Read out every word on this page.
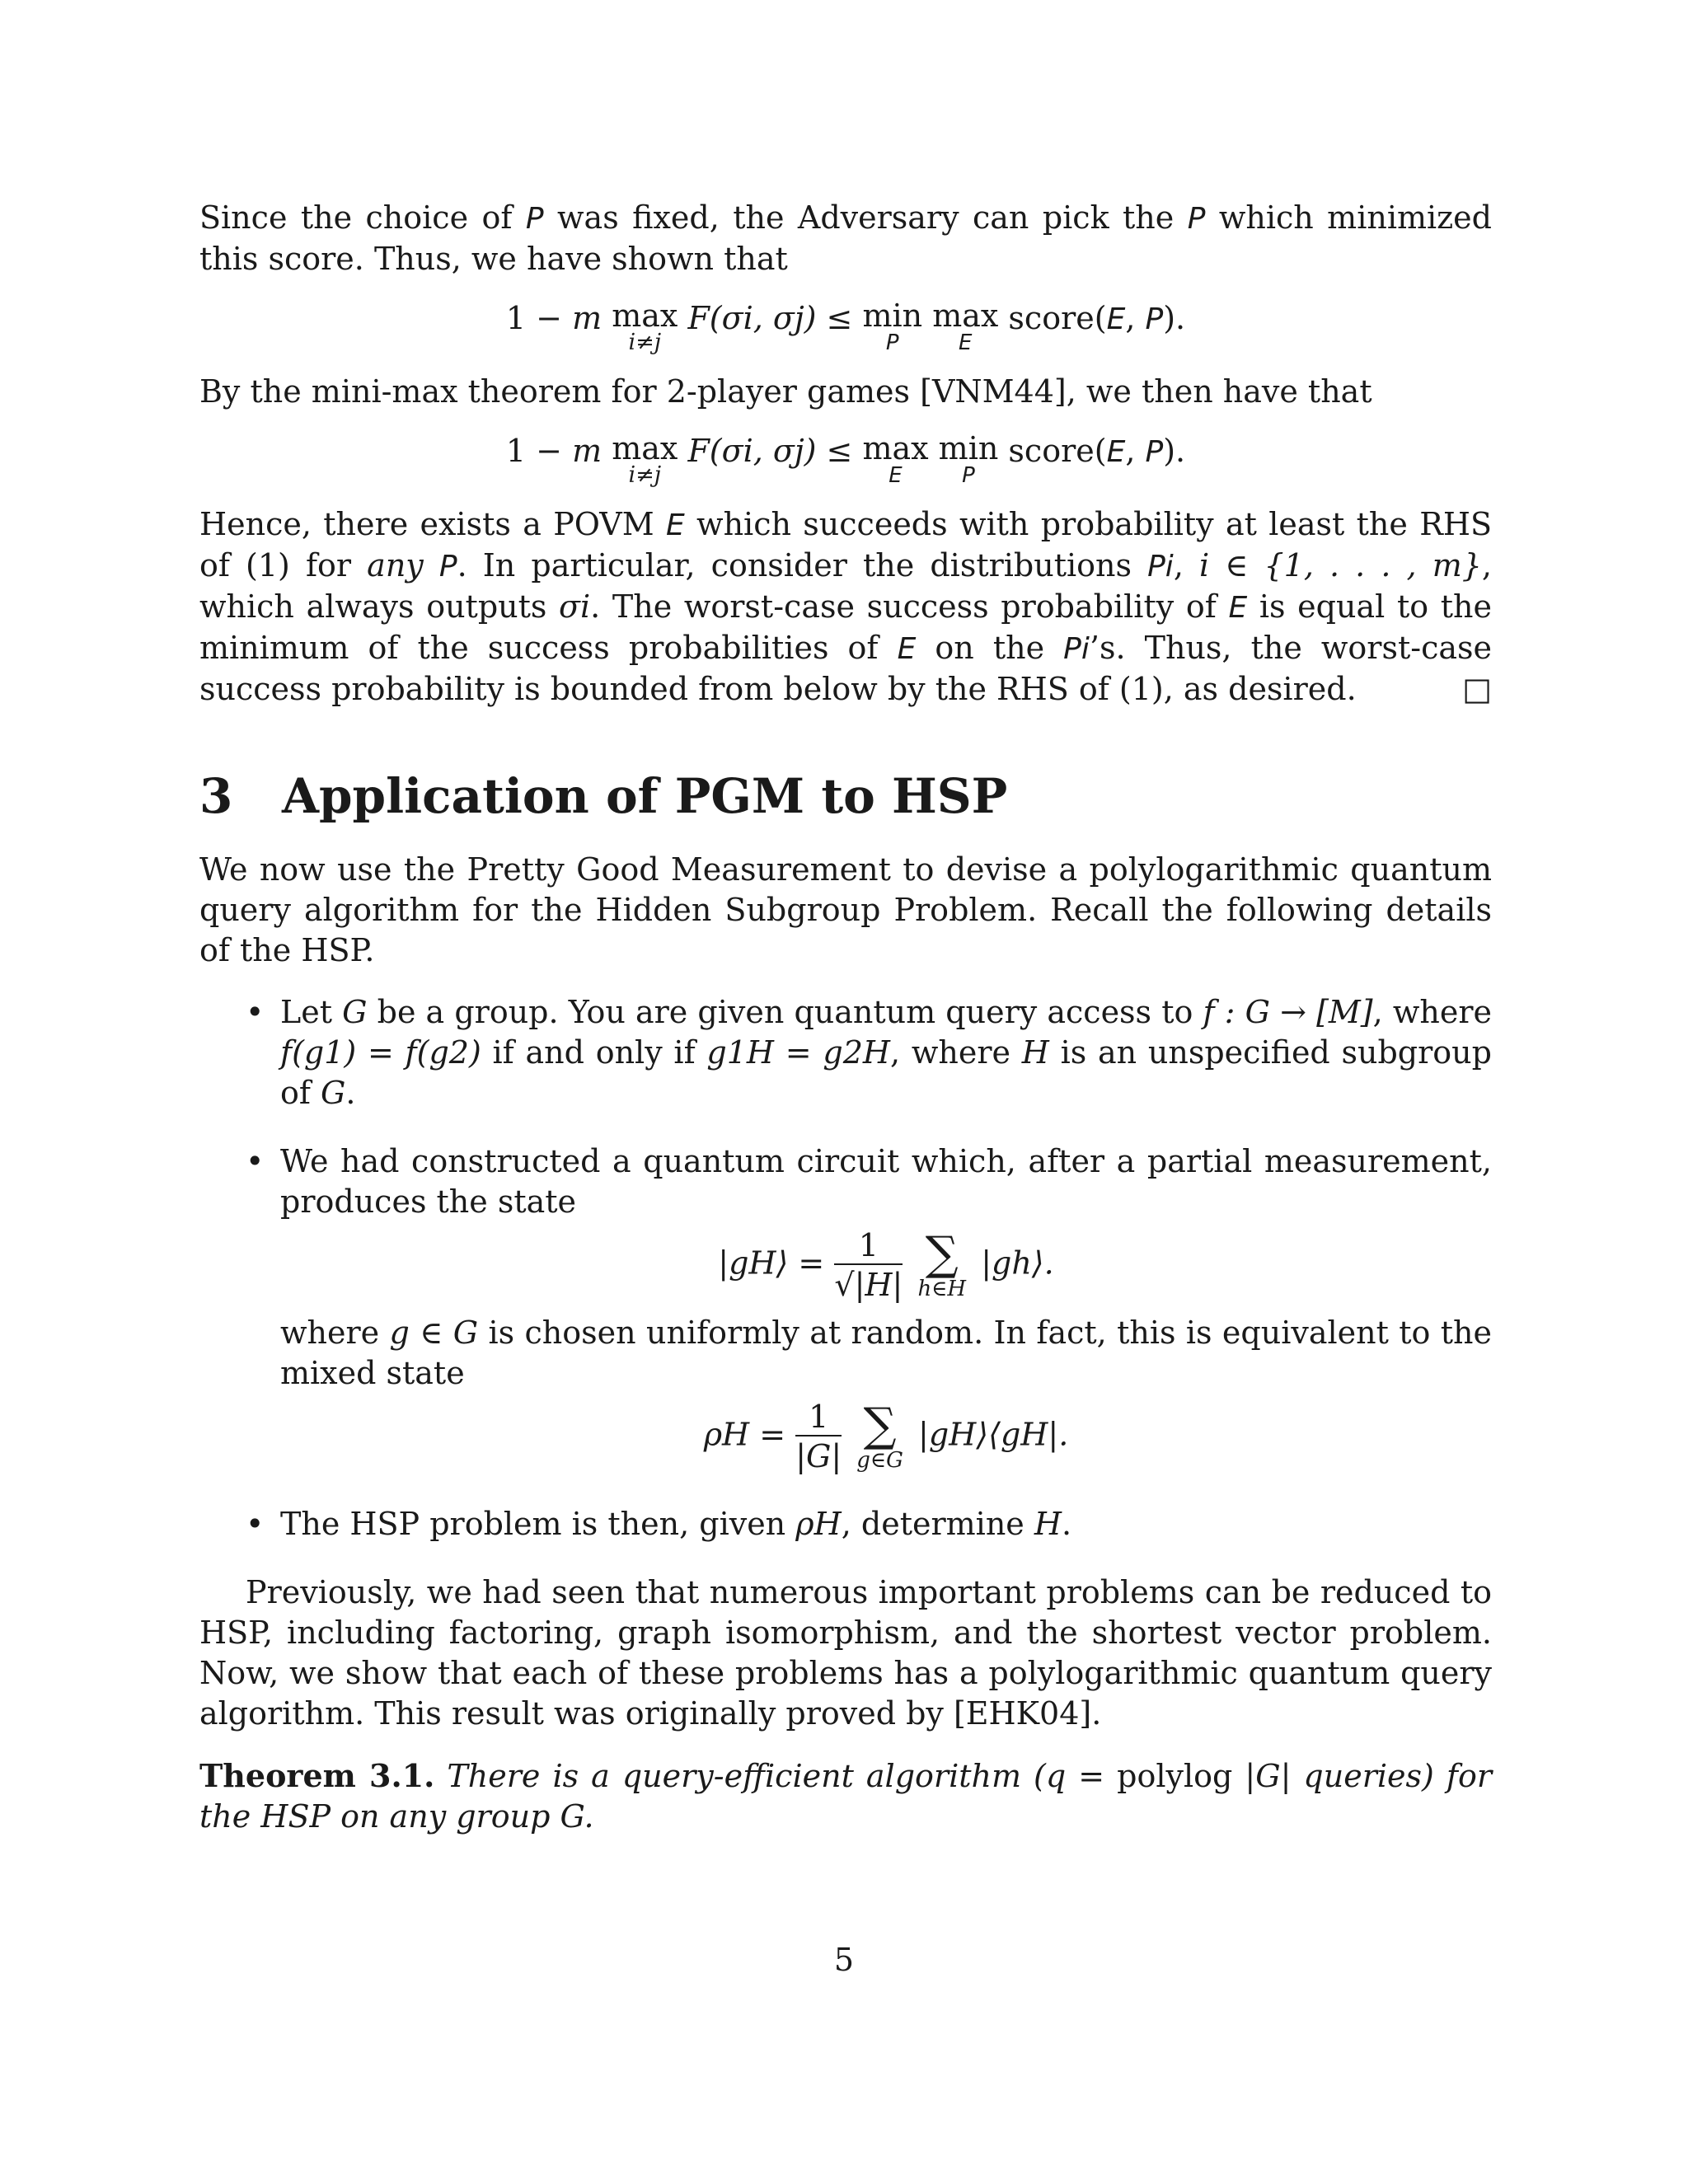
Since the choice of P was fixed, the Adversary can pick the P which minimized this score. Thus, we have shown that

1 − m max
i≠j
F(σi, σj) ≤ min
P
max
E
score(E, P).

By the mini-max theorem for 2-player games [VNM44], we then have that

1 − m max
i≠j
F(σi, σj) ≤ max
E
min
P
score(E, P).

Hence, there exists a POVM E which succeeds with probability at least the RHS of (1) for any P. In particular, consider the distributions Pi, i ∈ {1, . . . , m}, which always outputs σi. The worst-case success probability of E is equal to the minimum of the success probabilities of E on the Pi’s. Thus, the worst-case success probability is bounded from below by the RHS of (1), as desired.	□

3 Application of PGM to HSP

We now use the Pretty Good Measurement to devise a polylogarithmic quantum query algorithm for the Hidden Subgroup Problem. Recall the following details of the HSP.

• Let G be a group. You are given quantum query access to f : G → [M], where f(g1) = f(g2) if and only if g1H = g2H, where H is an unspecified subgroup of G.

• We had constructed a quantum circuit which, after a partial measurement, produces the state

|gH⟩ = $\frac{1}{√|H|}$
∑
h∈H
|gh⟩.

where g ∈ G is chosen uniformly at random. In fact, this is equivalent to the mixed state

$\rho H = \frac{1}{|G|}$
∑
g∈G
|gH⟩⟨gH|.
• The HSP problem is then, given ρH, determine H.

Previously, we had seen that numerous important problems can be reduced to HSP, including factoring, graph isomorphism, and the shortest vector problem. Now, we show that each of these problems has a polylogarithmic quantum query algorithm. This result was originally proved by [EHK04].

Theorem 3.1. There is a query-efficient algorithm (q = polylog |G| queries) for the HSP on any group G.

5
